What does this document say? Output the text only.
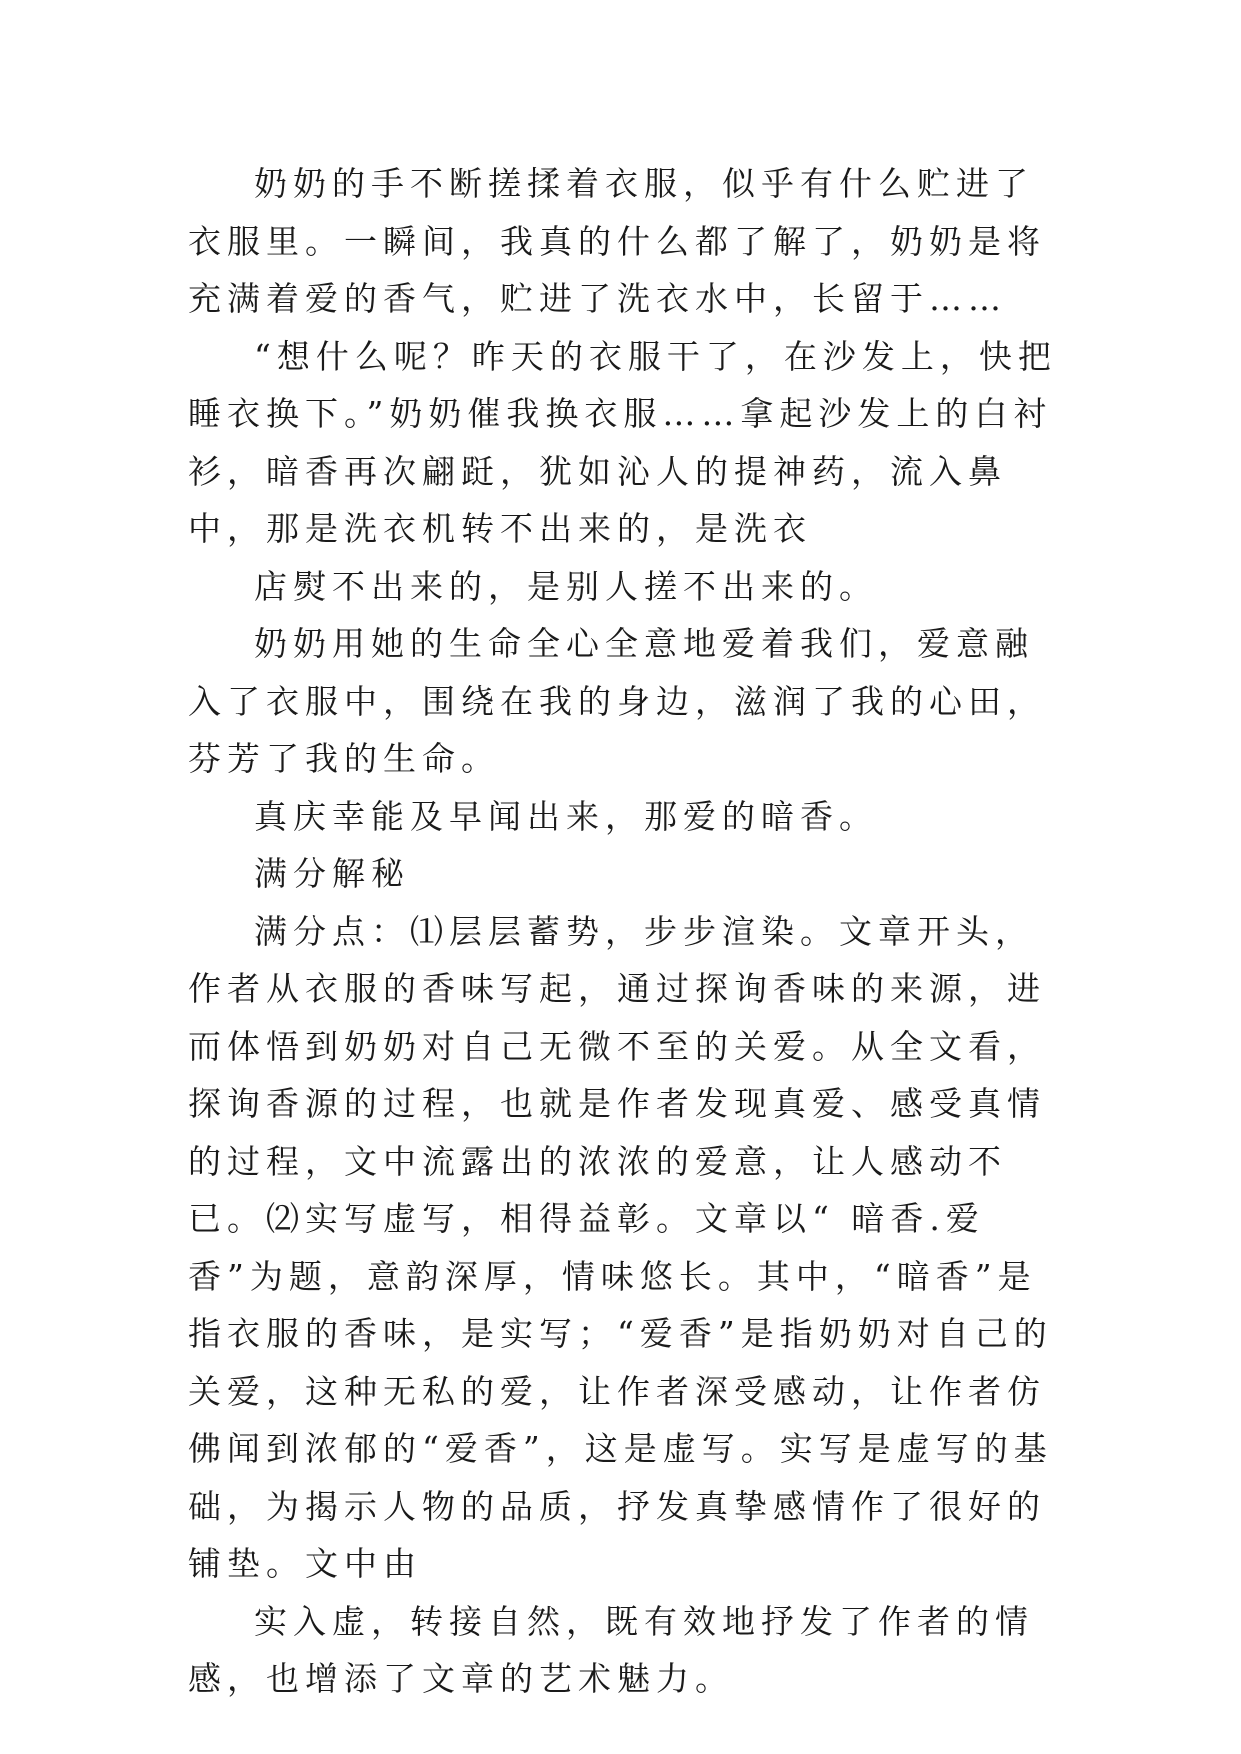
奶奶的手不断搓揉着衣服，似乎有什么贮进了衣服里。一瞬间，我真的什么都了解了，奶奶是将充满着爱的香气，贮进了洗衣水中，长留于……

“想什么呢？昨天的衣服干了，在沙发上，快把睡衣换下。”奶奶催我换衣服……拿起沙发上的白衬衫，暗香再次翩跹，犹如沁人的提神药，流入鼻中，那是洗衣机转不出来的，是洗衣

店熨不出来的，是别人搓不出来的。

奶奶用她的生命全心全意地爱着我们，爱意融入了衣服中，围绕在我的身边，滋润了我的心田，芬芳了我的生命。

真庆幸能及早闻出来，那爱的暗香。

满分解秘

满分点：⑴层层蓄势，步步渲染。文章开头，作者从衣服的香味写起，通过探询香味的来源，进而体悟到奶奶对自己无微不至的关爱。从全文看，探询香源的过程，也就是作者发现真爱、感受真情的过程，文中流露出的浓浓的爱意，让人感动不已。⑵实写虚写，相得益彰。文章以“ 暗香.爱香”为题，意韵深厚，情味悠长。其中，“暗香”是指衣服的香味，是实写；“爱香”是指奶奶对自己的关爱，这种无私的爱，让作者深受感动，让作者仿佛闻到浓郁的“爱香”，这是虚写。实写是虚写的基础，为揭示人物的品质，抒发真挚感情作了很好的铺垫。文中由

实入虚，转接自然，既有效地抒发了作者的情感，也增添了文章的艺术魅力。
